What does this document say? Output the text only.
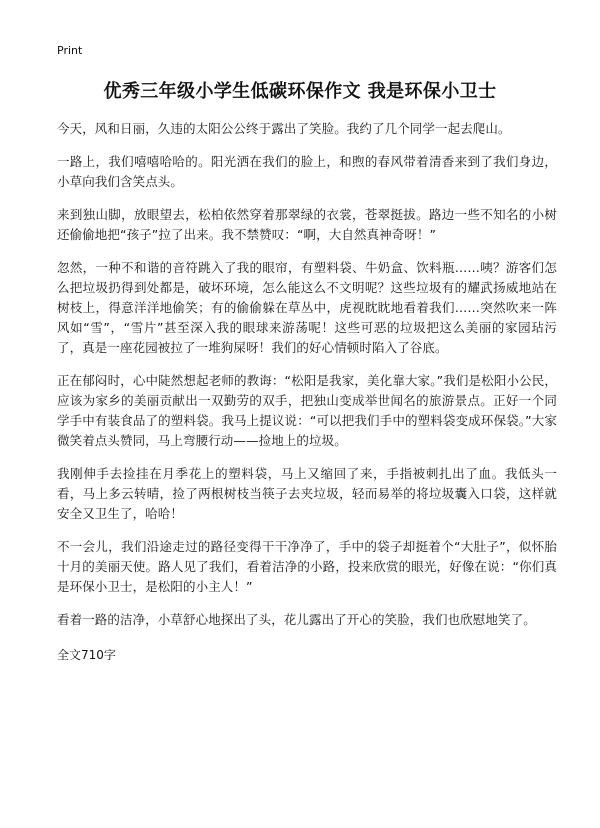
Print
优秀三年级小学生低碳环保作文 我是环保小卫士

今天，风和日丽，久违的太阳公公终于露出了笑脸。我约了几个同学一起去爬山。

一路上，我们嘻嘻哈哈的。阳光洒在我们的脸上，和煦的春风带着清香来到了我们身边，小草向我们含笑点头。

来到独山脚，放眼望去，松柏依然穿着那翠绿的衣裳，苍翠挺拔。路边一些不知名的小树还偷偷地把“孩子”拉了出来。我不禁赞叹：“啊，大自然真神奇呀！”

忽然，一种不和谐的音符跳入了我的眼帘，有塑料袋、牛奶盒、饮料瓶……咦？游客们怎么把垃圾扔得到处都是，破坏环境，怎么能这么不文明呢？这些垃圾有的耀武扬威地站在树枝上，得意洋洋地偷笑；有的偷偷躲在草丛中，虎视眈眈地看着我们……突然吹来一阵风如“雪”，“雪片”甚至深入我的眼球来游荡呢！这些可恶的垃圾把这么美丽的家园玷污了，真是一座花园被拉了一堆狗屎呀！我们的好心情顿时陷入了谷底。

正在郁闷时，心中陡然想起老师的教诲：“松阳是我家，美化靠大家。”我们是松阳小公民，应该为家乡的美丽贡献出一双勤劳的双手，把独山变成举世闻名的旅游景点。正好一个同学手中有装食品了的塑料袋。我马上提议说：“可以把我们手中的塑料袋变成环保袋。”大家微笑着点头赞同，马上弯腰行动——捡地上的垃圾。

我刚伸手去捡挂在月季花上的塑料袋，马上又缩回了来，手指被刺扎出了血。我低头一看，马上多云转晴，捡了两根树枝当筷子去夹垃圾，轻而易举的将垃圾囊入口袋，这样就安全又卫生了，哈哈！

不一会儿，我们沿途走过的路径变得干干净净了，手中的袋子却挺着个“大肚子”，似怀胎十月的美丽天使。路人见了我们，看着洁净的小路，投来欣赏的眼光，好像在说：“你们真是环保小卫士，是松阳的小主人！”

看着一路的洁净，小草舒心地探出了头，花儿露出了开心的笑脸，我们也欣慰地笑了。

全文710字
